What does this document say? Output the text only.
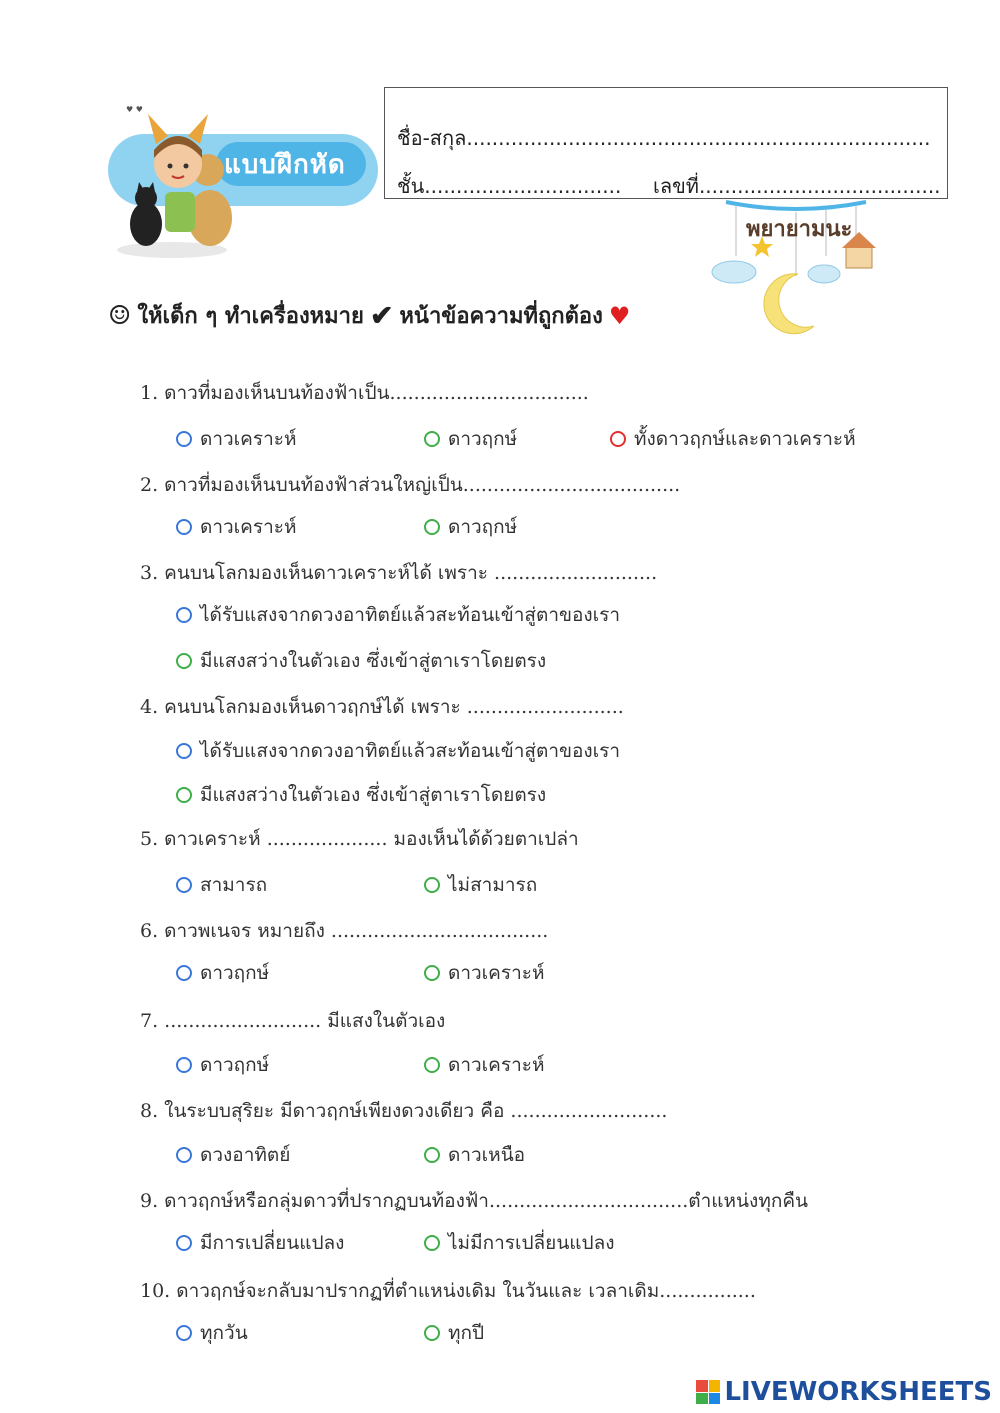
แบบฝึกหัด
♥ ♥
ชื่อ-สกุล.........................................................................
ชั้น............................... เลขที่......................................
พยายามนะ
☺ ให้เด็ก ๆ ทำเครื่องหมาย ✔ หน้าข้อความที่ถูกต้อง ♥
1. ดาวที่มองเห็นบนท้องฟ้าเป็น.................................
ดาวเคราะห์	ดาวฤกษ์	ทั้งดาวฤกษ์และดาวเคราะห์
2. ดาวที่มองเห็นบนท้องฟ้าส่วนใหญ่เป็น....................................
ดาวเคราะห์	ดาวฤกษ์
3. คนบนโลกมองเห็นดาวเคราะห์ได้ เพราะ ...........................
ได้รับแสงจากดวงอาทิตย์แล้วสะท้อนเข้าสู่ตาของเรา
มีแสงสว่างในตัวเอง ซึ่งเข้าสู่ตาเราโดยตรง
4. คนบนโลกมองเห็นดาวฤกษ์ได้ เพราะ ..........................
ได้รับแสงจากดวงอาทิตย์แล้วสะท้อนเข้าสู่ตาของเรา
มีแสงสว่างในตัวเอง ซึ่งเข้าสู่ตาเราโดยตรง
5. ดาวเคราะห์ .................... มองเห็นได้ด้วยตาเปล่า
สามารถ	ไม่สามารถ
6. ดาวพเนจร หมายถึง ....................................
ดาวฤกษ์	ดาวเคราะห์
7. .......................... มีแสงในตัวเอง
ดาวฤกษ์	ดาวเคราะห์
8. ในระบบสุริยะ มีดาวฤกษ์เพียงดวงเดียว คือ ..........................
ดวงอาทิตย์	ดาวเหนือ
9. ดาวฤกษ์หรือกลุ่มดาวที่ปรากฏบนท้องฟ้า.................................ตำแหน่งทุกคืน
มีการเปลี่ยนแปลง	ไม่มีการเปลี่ยนแปลง
10. ดาวฤกษ์จะกลับมาปรากฏที่ตำแหน่งเดิม ในวันและ เวลาเดิม................
ทุกวัน	ทุกปี
LIVEWORKSHEETS
